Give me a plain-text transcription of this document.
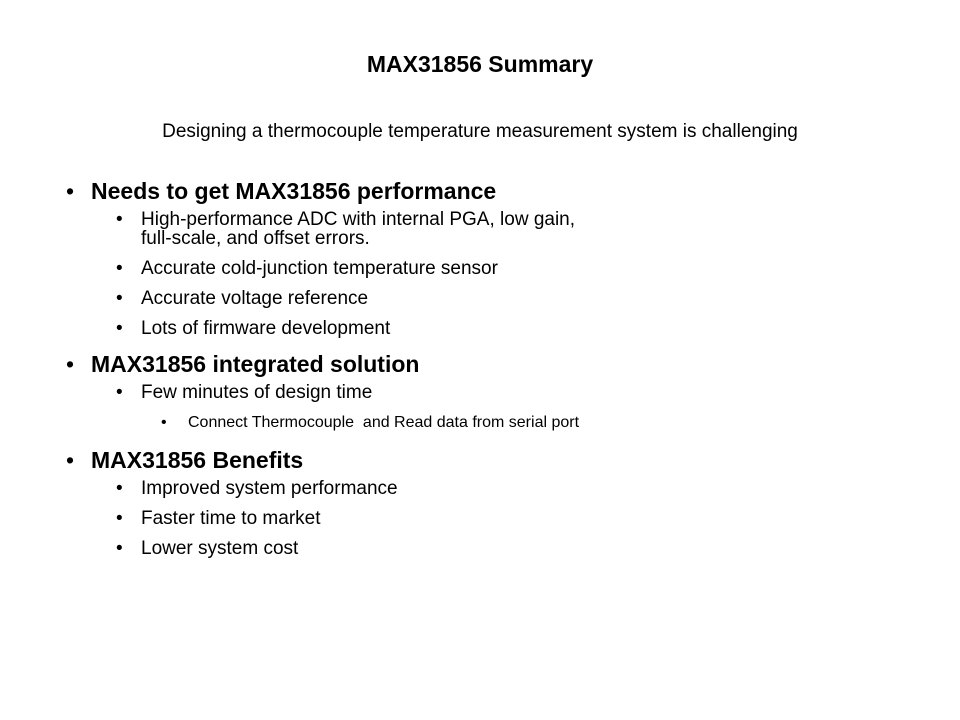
MAX31856 Summary
Designing a thermocouple temperature measurement system is challenging
• Needs to get MAX31856 performance
• High-performance ADC with internal PGA, low gain,
full-scale, and offset errors.
• Accurate cold-junction temperature sensor
• Accurate voltage reference
• Lots of firmware development
• MAX31856 integrated solution
• Few minutes of design time
• Connect Thermocouple  and Read data from serial port
• MAX31856 Benefits
• Improved system performance
• Faster time to market
• Lower system cost
